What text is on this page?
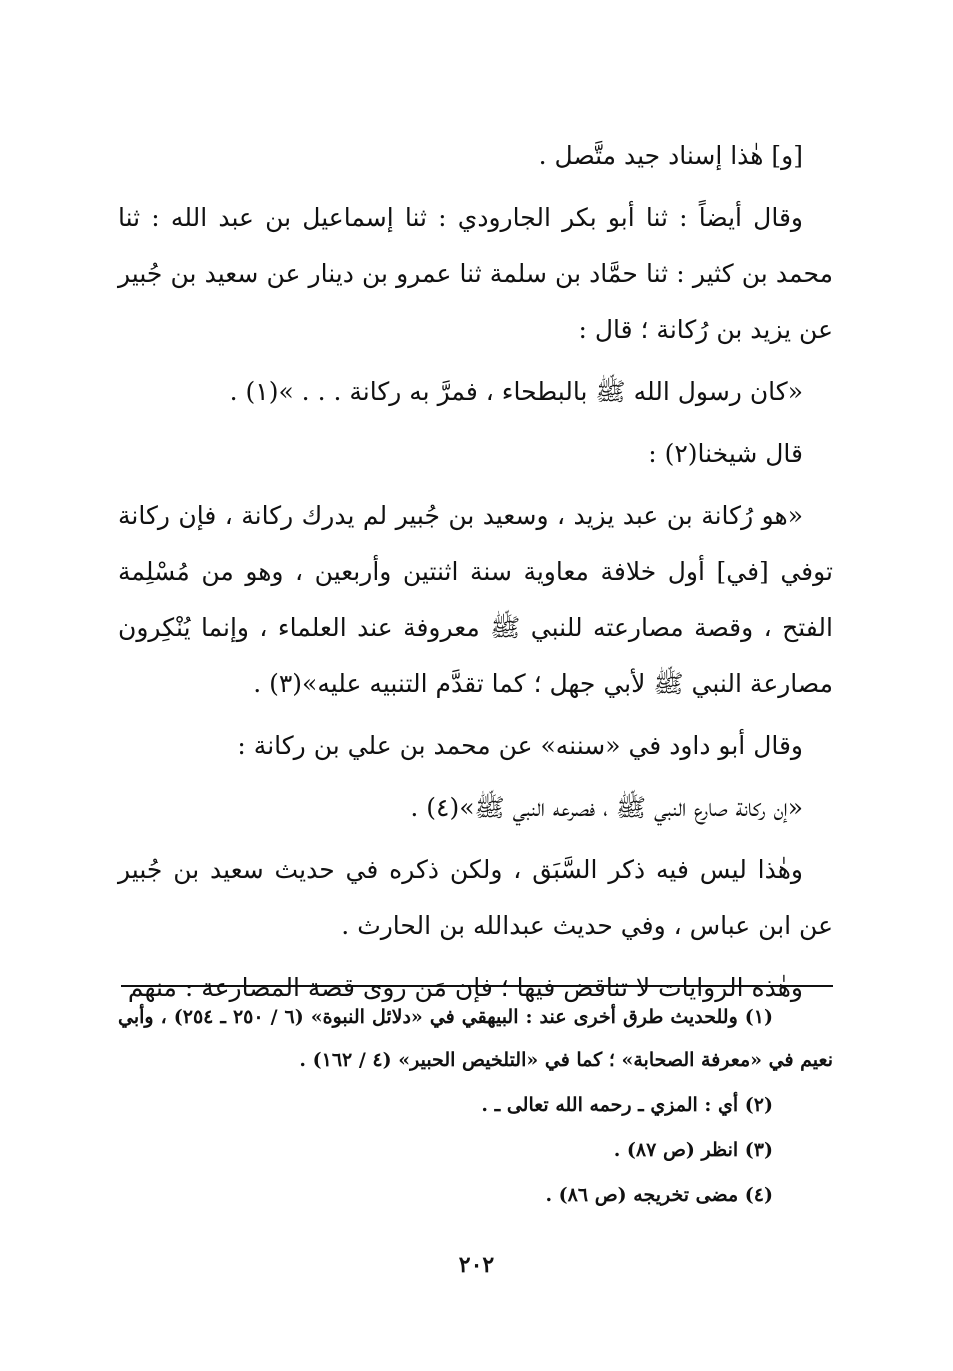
[و] هٰذا إسناد جيد متَّصل .

وقال أيضاً : ثنا أبو بكر الجارودي : ثنا إسماعيل بن عبد الله : ثنا محمد بن كثير : ثنا حمَّاد بن سلمة ثنا عمرو بن دينار عن سعيد بن جُبير عن يزيد بن رُكانة ؛ قال :

«كان رسول الله ﷺ بالبطحاء ، فمرَّ به ركانة . . . »(١) .

قال شيخنا(٢) :

«هو رُكانة بن عبد يزيد ، وسعيد بن جُبير لم يدرك ركانة ، فإن ركانة توفي [في] أول خلافة معاوية سنة اثنتين وأربعين ، وهو من مُسْلِمة الفتح ، وقصة مصارعته للنبي ﷺ معروفة عند العلماء ، وإنما يُنْكِرون مصارعة النبي ﷺ لأبي جهل ؛ كما تقدَّم التنبيه عليه»(٣) .

وقال أبو داود في «سننه» عن محمد بن علي بن ركانة :

«إن ركانة صارع النبي ﷺ ، فصرعه النبي ﷺ»(٤) .

وهٰذا ليس فيه ذكر السَّبَق ، ولكن ذكره في حديث سعيد بن جُبير عن ابن عباس ، وفي حديث عبدالله بن الحارث .

وهٰذه الروايات لا تناقض فيها ؛ فإن مَن روى قصة المصارعة : منهم

(١) وللحديث طرق أخرى عند : البيهقي في «دلائل النبوة» (٦ / ٢٥٠ ـ ٢٥٤) ، وأبي نعيم في «معرفة الصحابة» ؛ كما في «التلخيص الحبير» (٤ / ١٦٢) .

(٢) أي : المزي ـ رحمه الله تعالى ـ .

(٣) انظر (ص ٨٧) .

(٤) مضى تخريجه (ص ٨٦) .

٢٠٢
